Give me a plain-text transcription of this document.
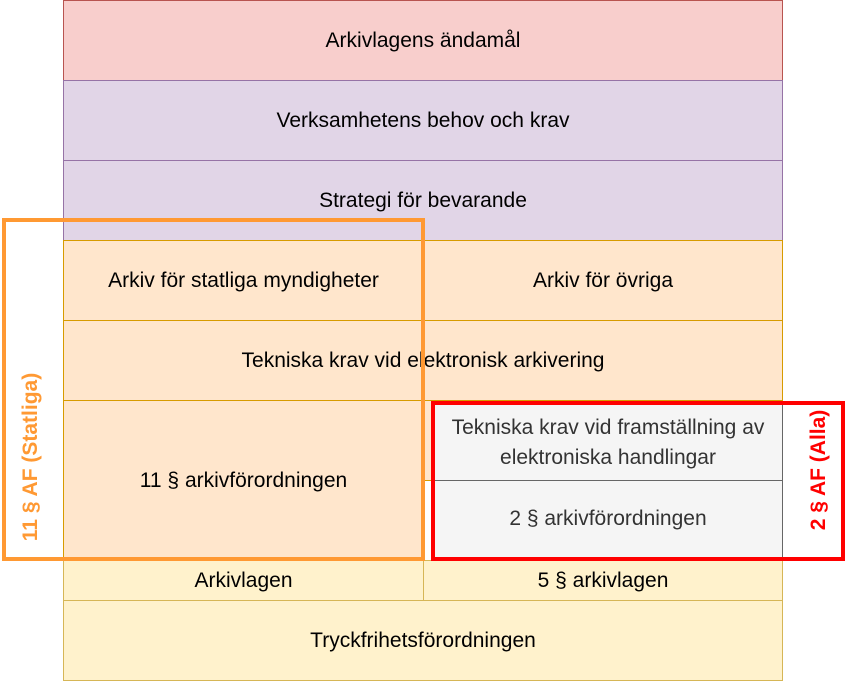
Arkivlagens ändamål
Verksamhetens behov och krav
Strategi för bevarande
Arkiv för statliga myndigheter	Arkiv för övriga
Tekniska krav vid elektronisk arkivering
11 § arkivförordningen
Tekniska krav vid framställning av elektroniska handlingar
2 § arkivförordningen
Arkivlagen	5 § arkivlagen
Tryckfrihetsförordningen
11 § AF (Statliga)	2 § AF (Alla)
